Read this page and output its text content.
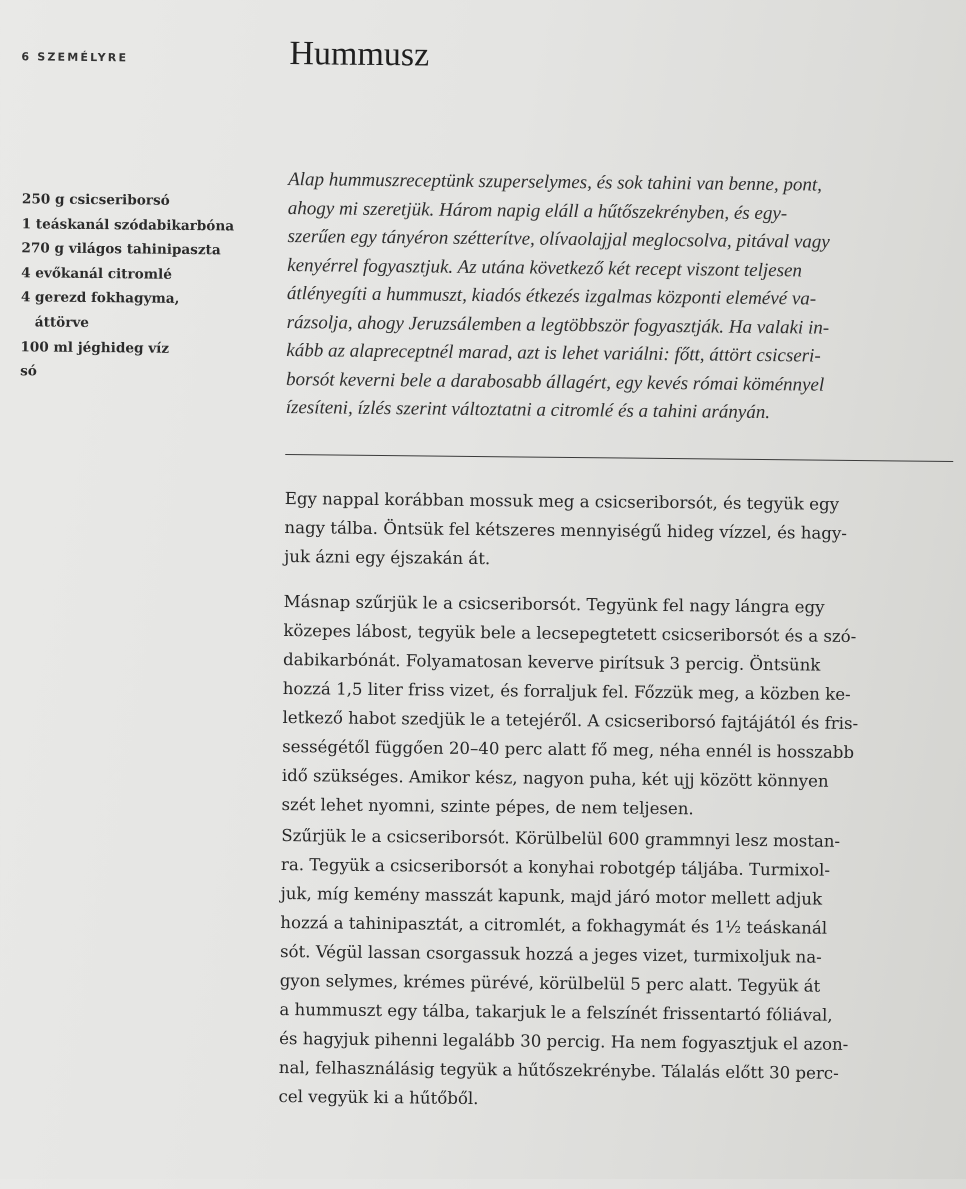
6 SZEMÉLYRE	Hummusz
250 g csicseriborsó
1 teáskanál szódabikarbóna
270 g világos tahinipaszta
4 evőkanál citromlé
4 gerezd fokhagyma,
áttörve
100 ml jéghideg víz
só

Alap hummuszreceptünk szuperselymes, és sok tahini van benne, pont,
ahogy mi szeretjük. Három napig eláll a hűtőszekrényben, és egy-
szerűen egy tányéron szétterítve, olívaolajjal meglocsolva, pitával vagy
kenyérrel fogyasztjuk. Az utána következő két recept viszont teljesen
átlényegíti a hummuszt, kiadós étkezés izgalmas központi elemévé va-
rázsolja, ahogy Jeruzsálemben a legtöbbször fogyasztják. Ha valaki in-
kább az alapreceptnél marad, azt is lehet variálni: főtt, áttört csicseri-
borsót keverni bele a darabosabb állagért, egy kevés római köménnyel
ízesíteni, ízlés szerint változtatni a citromlé és a tahini arányán.

Egy nappal korábban mossuk meg a csicseriborsót, és tegyük egy
nagy tálba. Öntsük fel kétszeres mennyiségű hideg vízzel, és hagy-
juk ázni egy éjszakán át.

Másnap szűrjük le a csicseriborsót. Tegyünk fel nagy lángra egy
közepes lábost, tegyük bele a lecsepegtetett csicseriborsót és a szó-
dabikarbónát. Folyamatosan keverve pirítsuk 3 percig. Öntsünk
hozzá 1,5 liter friss vizet, és forraljuk fel. Főzzük meg, a közben ke-
letkező habot szedjük le a tetejéről. A csicseriborsó fajtájától és fris-
sességétől függően 20–40 perc alatt fő meg, néha ennél is hosszabb
idő szükséges. Amikor kész, nagyon puha, két ujj között könnyen
szét lehet nyomni, szinte pépes, de nem teljesen.

Szűrjük le a csicseriborsót. Körülbelül 600 grammnyi lesz mostan-
ra. Tegyük a csicseriborsót a konyhai robotgép táljába. Turmixol-
juk, míg kemény masszát kapunk, majd járó motor mellett adjuk
hozzá a tahinipasztát, a citromlét, a fokhagymát és 1½ teáskanál
sót. Végül lassan csorgassuk hozzá a jeges vizet, turmixoljuk na-
gyon selymes, krémes pürévé, körülbelül 5 perc alatt. Tegyük át
a hummuszt egy tálba, takarjuk le a felszínét frissentartó fóliával,
és hagyjuk pihenni legalább 30 percig. Ha nem fogyasztjuk el azon-
nal, felhasználásig tegyük a hűtőszekrénybe. Tálalás előtt 30 perc-
cel vegyük ki a hűtőből.
